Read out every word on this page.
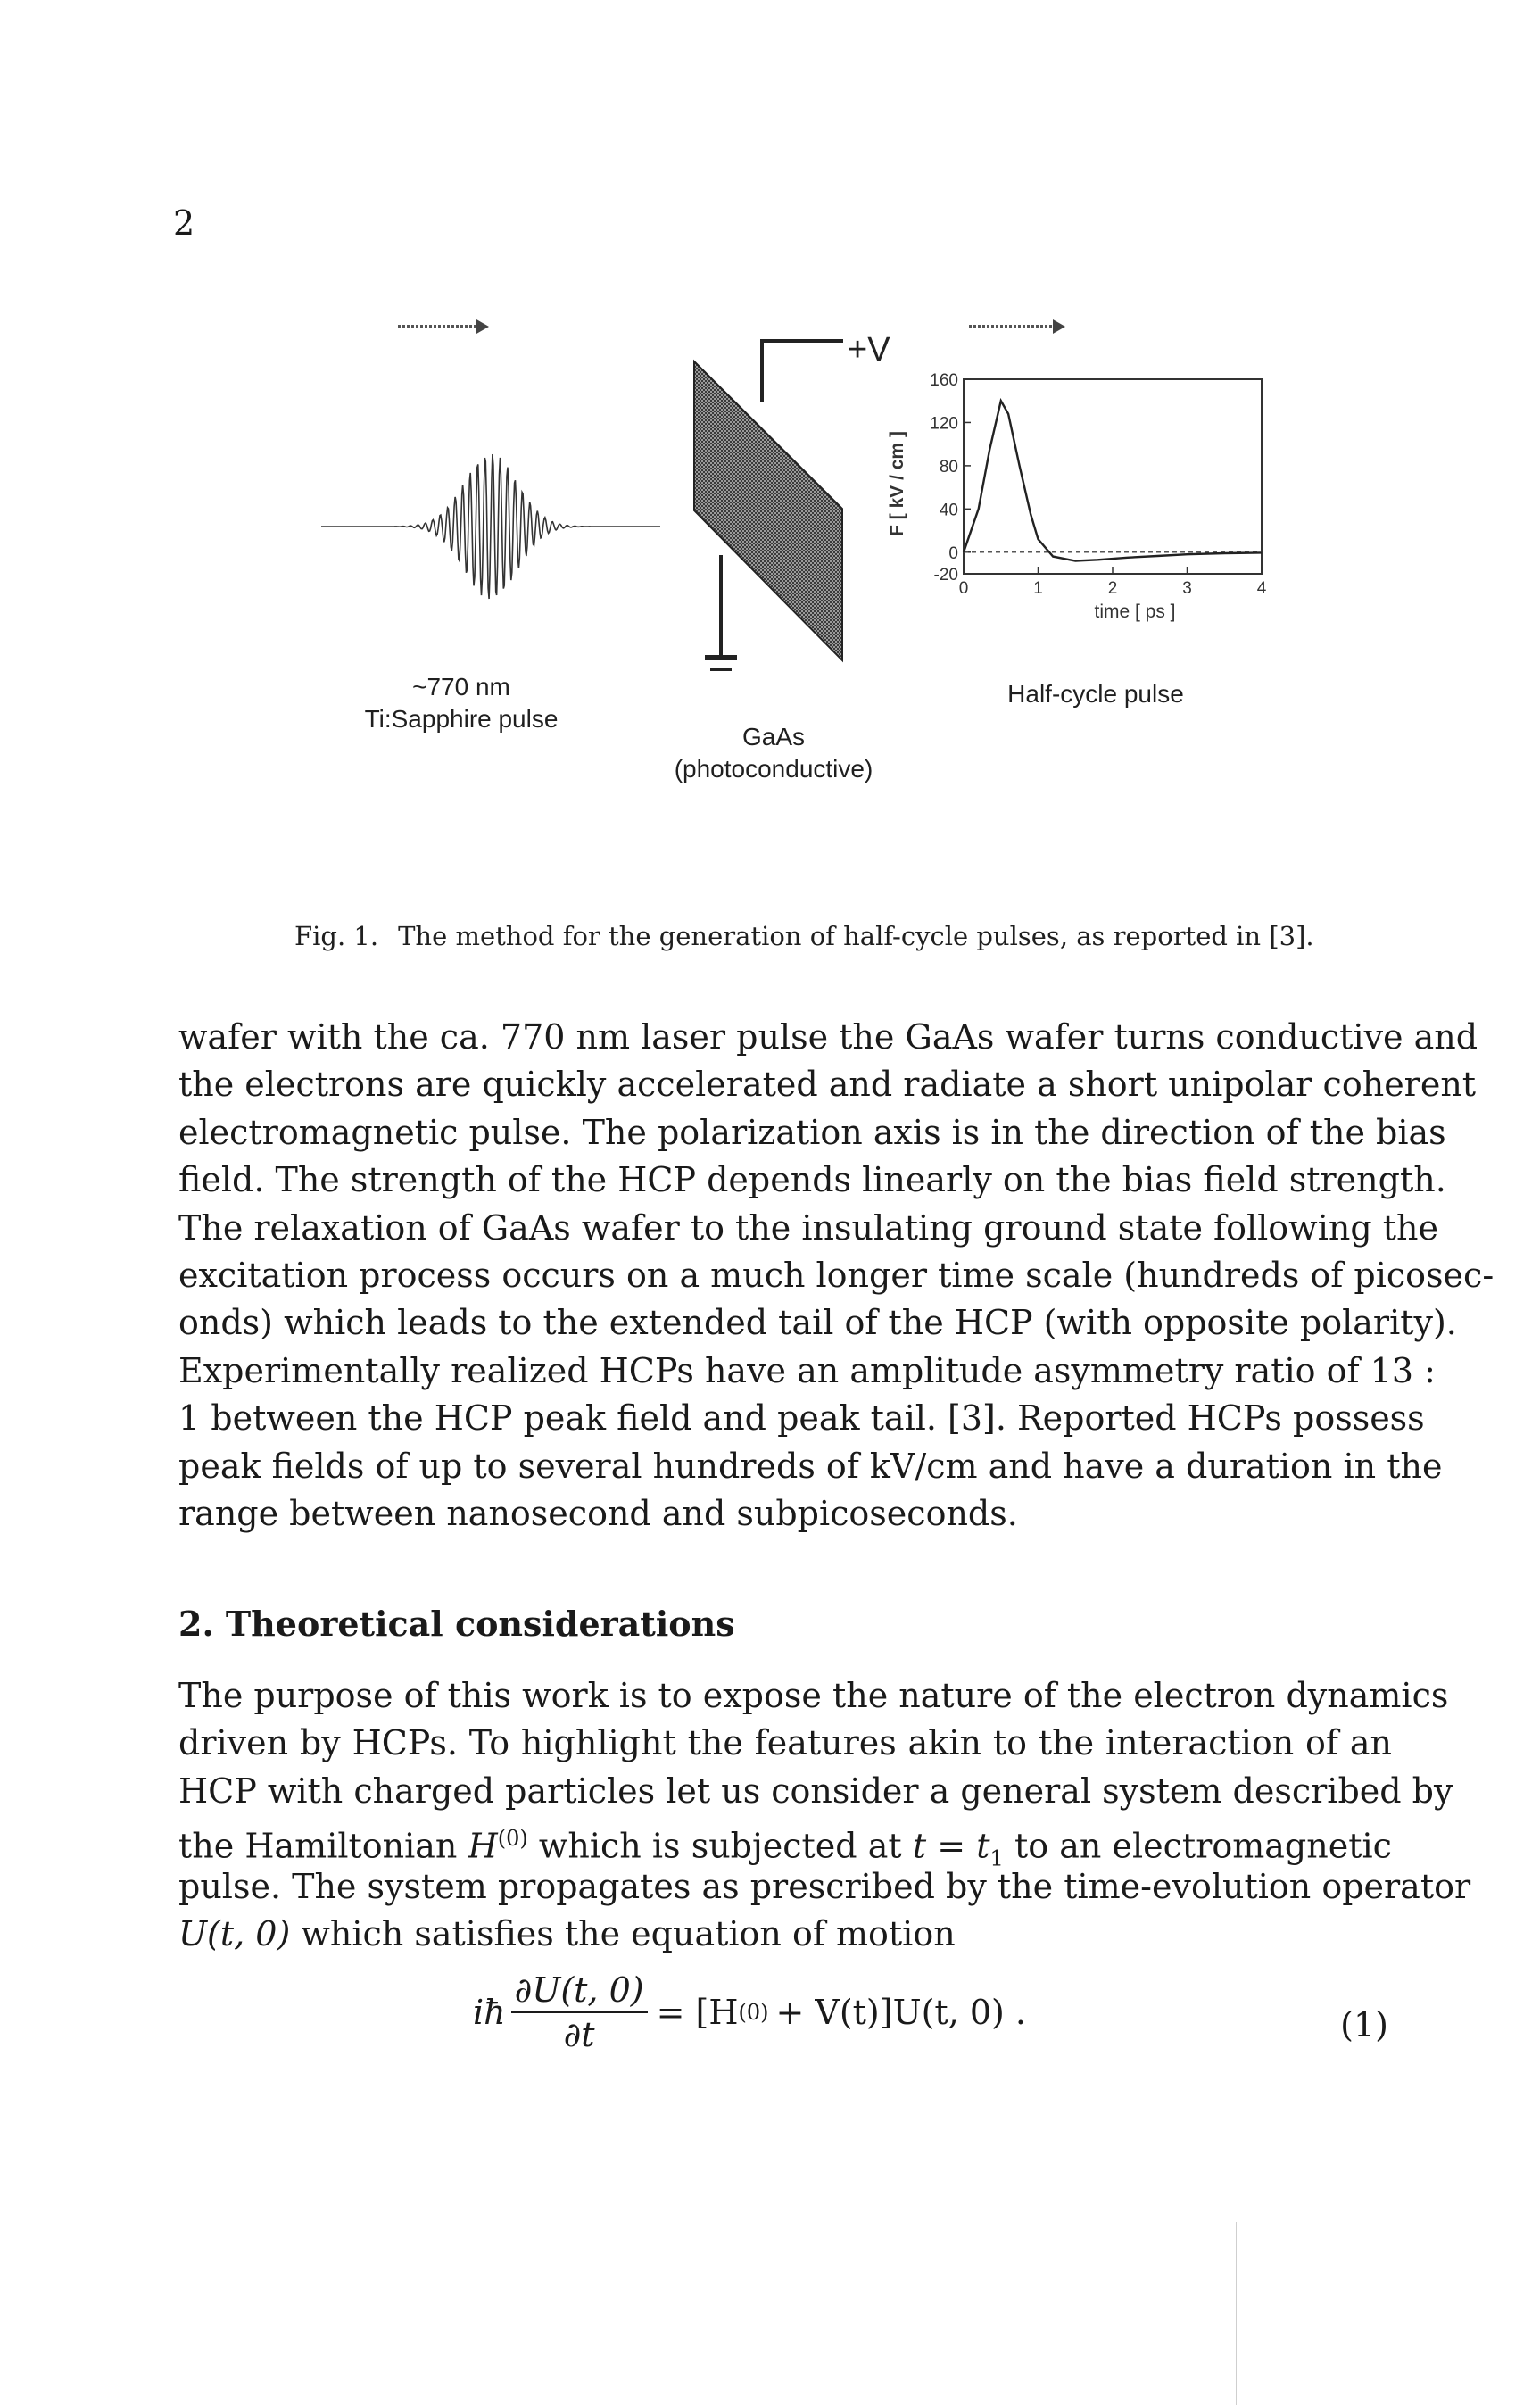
2
+V
-20
0
40
80
120
160
0	1	2	3	4
F [ kV / cm ]
time [ ps ]
~770 nm
Ti:Sapphire pulse
GaAs
(photoconductive)
Half-cycle pulse
Fig. 1. The method for the generation of half-cycle pulses, as reported in [3].
wafer with the ca. 770 nm laser pulse the GaAs wafer turns conductive and
the electrons are quickly accelerated and radiate a short unipolar coherent
electromagnetic pulse. The polarization axis is in the direction of the bias
field. The strength of the HCP depends linearly on the bias field strength.
The relaxation of GaAs wafer to the insulating ground state following the
excitation process occurs on a much longer time scale (hundreds of picosec-
onds) which leads to the extended tail of the HCP (with opposite polarity).
Experimentally realized HCPs have an amplitude asymmetry ratio of 13 :
1 between the HCP peak field and peak tail. [3]. Reported HCPs possess
peak fields of up to several hundreds of kV/cm and have a duration in the
range between nanosecond and subpicoseconds.
2. Theoretical considerations
The purpose of this work is to expose the nature of the electron dynamics
driven by HCPs. To highlight the features akin to the interaction of an
HCP with charged particles let us consider a general system described by
the Hamiltonian $H^{(0)}$ which is subjected at $t = t_1$ to an electromagnetic
pulse. The system propagates as prescribed by the time-evolution operator
U(t, 0) which satisfies the equation of motion
iħ $\frac{\partial U(t, 0)}{\partial t} = [H$ (0) + V(t)]U(t, 0) .	(1)
